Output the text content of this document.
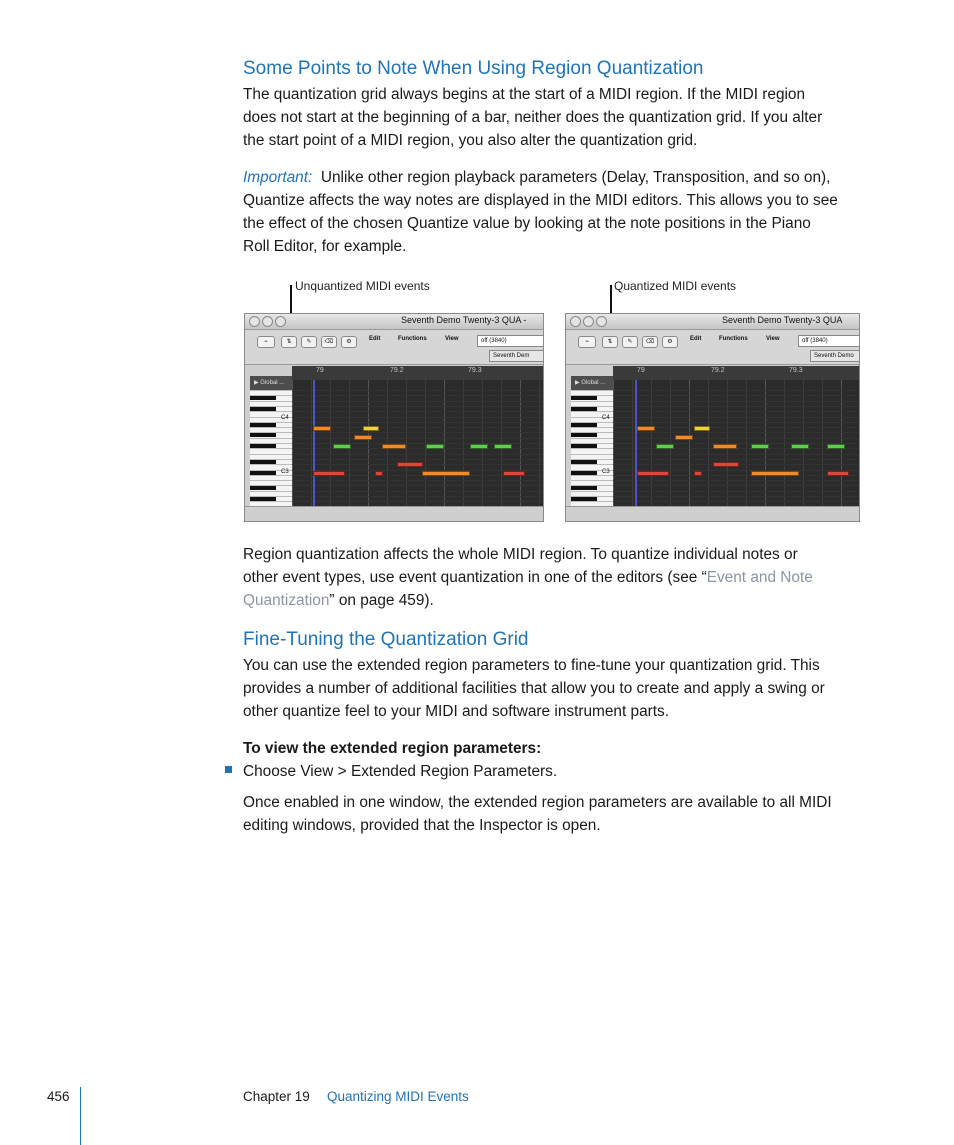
Some Points to Note When Using Region Quantization
The quantization grid always begins at the start of a MIDI region. If the MIDI region
does not start at the beginning of a bar, neither does the quantization grid. If you alter
the start point of a MIDI region, you also alter the quantization grid.
Important: Unlike other region playback parameters (Delay, Transposition, and so on),
Quantize affects the way notes are displayed in the MIDI editors. This allows you to see
the effect of the chosen Quantize value by looking at the note positions in the Piano
Roll Editor, for example.
Unquantized MIDI events	Quantized MIDI events
Seventh Demo Twenty-3 QUA -
⌁	⇅	✎	⌫	⚙	Edit	Functions	View	off (3840)
Seventh Dem
▶ Global ...
79	79.2	79.3
C4
C3
Seventh Demo Twenty-3 QUA
⌁	⇅	✎	⌫	⚙	Edit	Functions	View	off (3840)
Seventh Demo
▶ Global ...
79	79.2	79.3
C4
C3
Region quantization affects the whole MIDI region. To quantize individual notes or
other event types, use event quantization in one of the editors (see “Event and Note
Quantization” on page 459).
Fine-Tuning the Quantization Grid
You can use the extended region parameters to fine-tune your quantization grid. This
provides a number of additional facilities that allow you to create and apply a swing or
other quantize feel to your MIDI and software instrument parts.
To view the extended region parameters:
Choose View > Extended Region Parameters.
Once enabled in one window, the extended region parameters are available to all MIDI
editing windows, provided that the Inspector is open.
456	Chapter 19 Quantizing MIDI Events
